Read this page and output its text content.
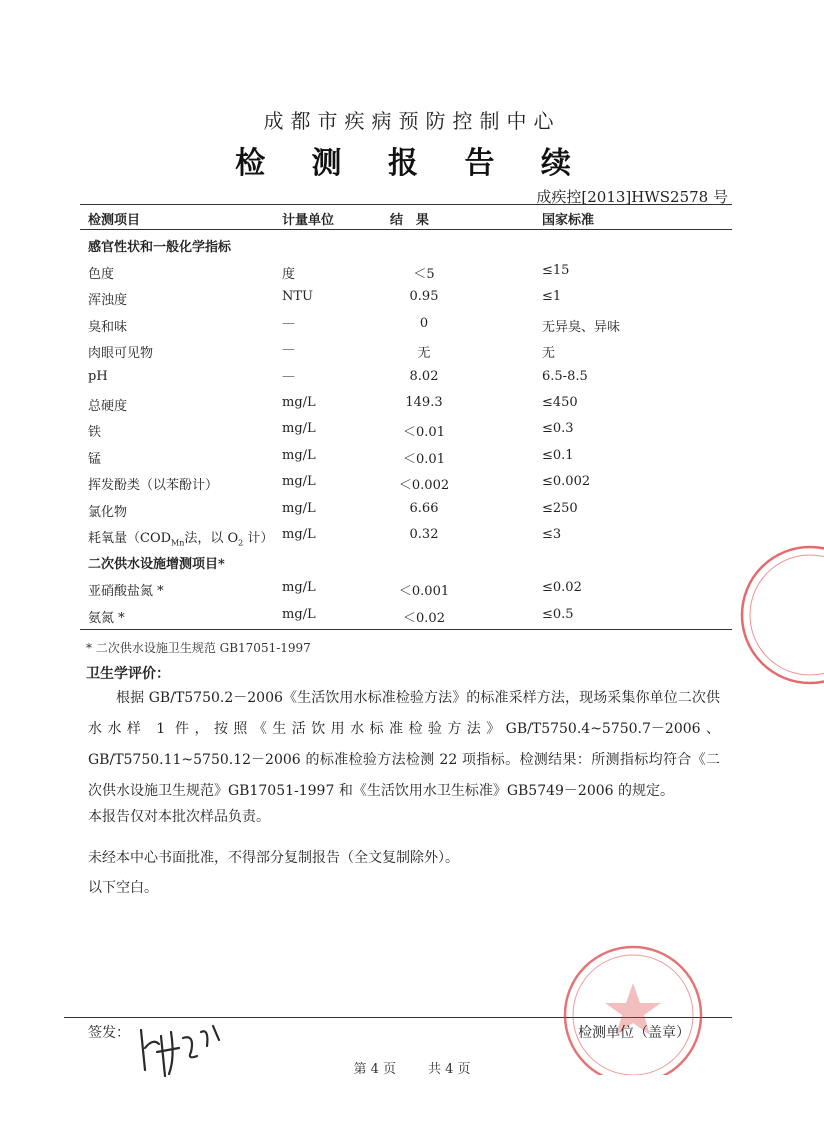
成都市疾病预防控制中心
检 测 报 告 续
成疾控[2013]HWS2578 号
检测项目	计量单位	结　果	国家标准
感官性状和一般化学指标
色度	度	＜5	≤15
浑浊度	NTU	0.95	≤1
臭和味	—	0	无异臭、异味
肉眼可见物	—	无	无
pH	—	8.02	6.5-8.5
总硬度	mg/L	149.3	≤450
铁	mg/L	＜0.01	≤0.3
锰	mg/L	＜0.01	≤0.1
挥发酚类（以苯酚计）	mg/L	＜0.002	≤0.002
氯化物	mg/L	6.66	≤250
耗氧量（$COD_{Mn}$法，以 $O_2$ 计） mg/L	0.32	≤3
二次供水设施增测项目*
亚硝酸盐氮 *	mg/L	＜0.001	≤0.02
氨氮 *	mg/L	＜0.02	≤0.5
* 二次供水设施卫生规范 GB17051-1997
卫生学评价：
根据 GB/T5750.2－2006《生活饮用水标准检验方法》的标准采样方法，现场采集你单位二次供水水样 1 件，按照《生活饮用水标准检验方法》GB/T5750.4~5750.7－2006、GB/T5750.11~5750.12－2006 的标准检验方法检测 22 项指标。检测结果：所测指标均符合《二次供水设施卫生规范》GB17051-1997 和《生活饮用水卫生标准》GB5749－2006 的规定。
本报告仅对本批次样品负责。
未经本中心书面批准，不得部分复制报告（全文复制除外）。
以下空白。
签发：	检测单位（盖章）
第 4 页 共 4 页
